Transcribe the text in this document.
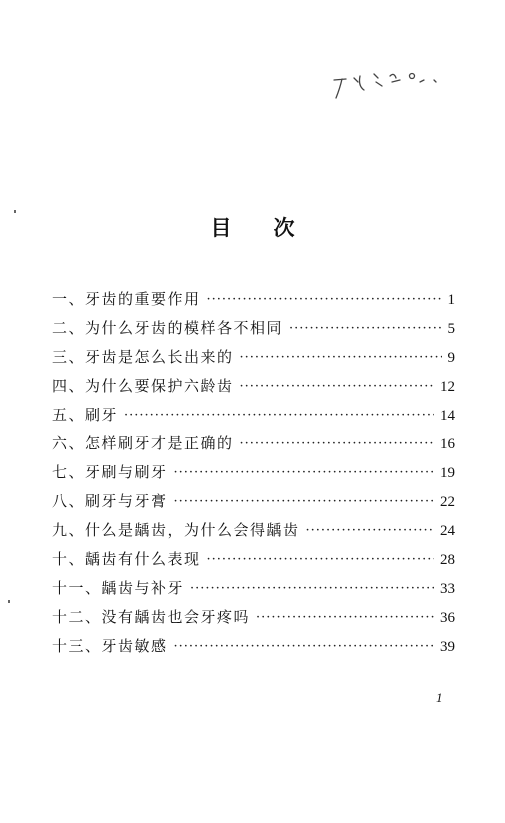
目 次
一、牙齿的重要作用 ·····	1
二、为什么牙齿的模样各不相同 ·····	5
三、牙齿是怎么长出来的 ·····	9
四、为什么要保护六龄齿 ·····	12
五、刷牙 ·····	14
六、怎样刷牙才是正确的 ·····	16
七、牙刷与刷牙 ·····	19
八、刷牙与牙膏 ·····	22
九、什么是龋齿，为什么会得龋齿 ·····	24
十、龋齿有什么表现 ·····	28
十一、龋齿与补牙 ·····	33
十二、没有龋齿也会牙疼吗 ·····	36
十三、牙齿敏感 ·····	39
1
